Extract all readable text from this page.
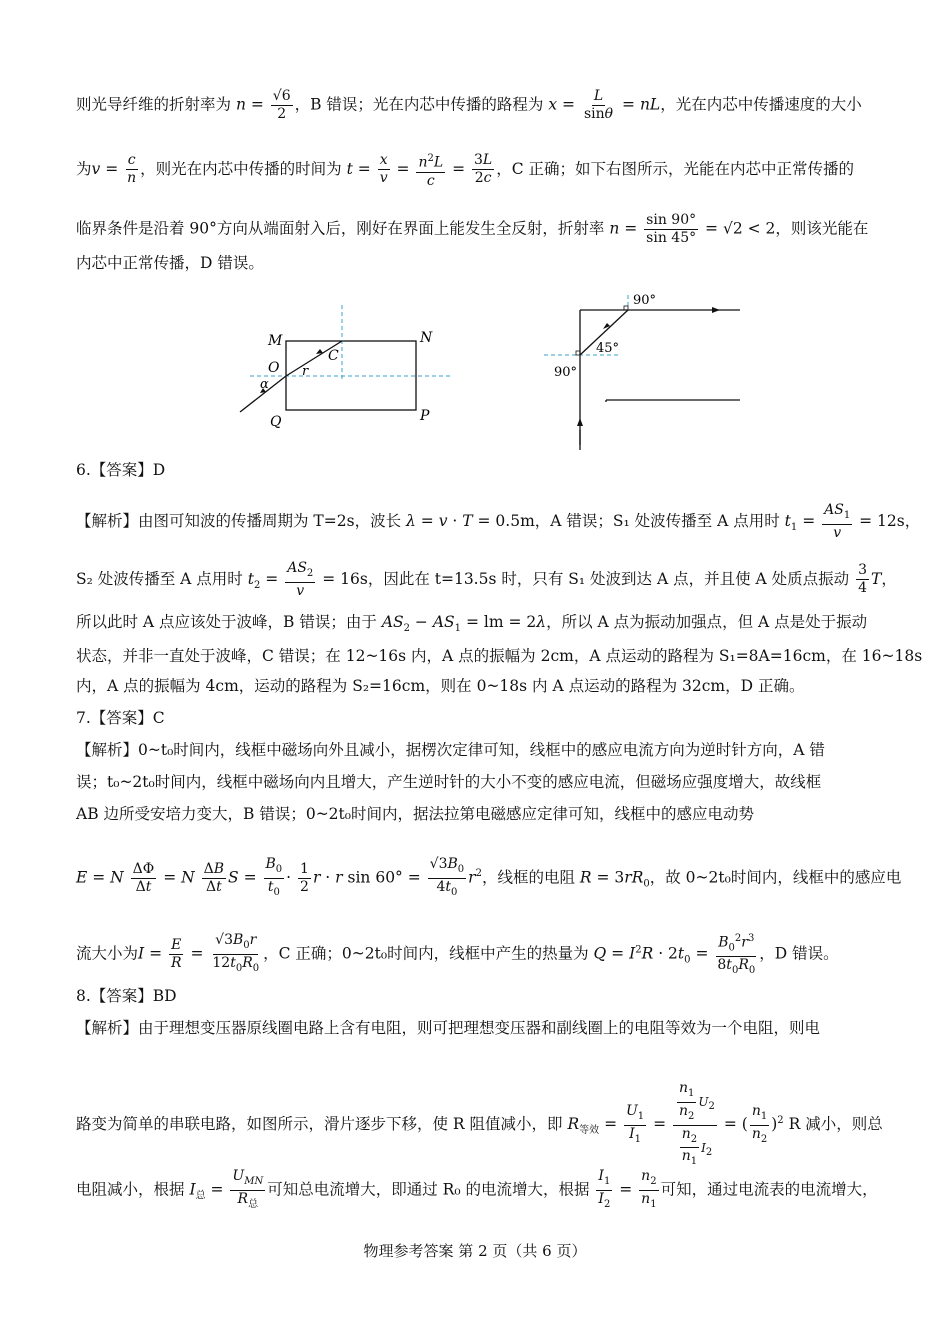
则光导纤维的折射率为 $n = \frac{√6}{2}$ ，B 错误；光在内芯中传播的路程为 $x = \frac{L}{\sin\theta}$ = nL，光在内芯中传播速度的大小
为$v = \frac{c}{n}$ ，则光在内芯中传播的时间为 $t = \frac{x}{v} = \frac{n^2L}{c} = \frac{3L}{2c}$ ，C 正确；如下右图所示，光能在内芯中正常传播的
临界条件是沿着 90°方向从端面射入后，刚好在界面上能发生全反射，折射率 $n = \frac{\sin 90^\circ}{\sin 45^\circ} = √2 < 2$，则该光能在
内芯中正常传播，D 错误。
M	N
Q	P
O
C
r
α
90°
45°
90°
6.【答案】D
【解析】由图可知波的传播周期为 T=2s，波长 λ = v · T = 0.5m，A 错误；S₁ 处波传播至 A 点用时 $t_1 = \frac{AS_1}{v} = 12s$，
S₂ 处波传播至 A 点用时 $t_2 = \frac{AS_2}{v} = 16s$，因此在 t=13.5s 时，只有 S₁ 处波到达 A 点，并且使 A 处质点振动 $\frac{3}{4}$ T，
所以此时 A 点应该处于波峰，B 错误；由于 $AS_2 - AS_1$ = lm = 2λ，所以 A 点为振动加强点，但 A 点是处于振动
状态，并非一直处于波峰，C 错误；在 12~16s 内，A 点的振幅为 2cm，A 点运动的路程为 S₁=8A=16cm，在 16~18s
内，A 点的振幅为 4cm，运动的路程为 S₂=16cm，则在 0~18s 内 A 点运动的路程为 32cm，D 正确。
7.【答案】C
【解析】0~t₀时间内，线框中磁场向外且减小，据楞次定律可知，线框中的感应电流方向为逆时针方向，A 错
误；t₀~2t₀时间内，线框中磁场向内且增大，产生逆时针的大小不变的感应电流，但磁场应强度增大，故线框
AB 边所受安培力变大，B 错误；0~2t₀时间内，据法拉第电磁感应定律可知，线框中的感应电动势
E = N $\frac{\Delta\Phi}{\Delta t} = N \frac{\Delta B}{\Delta t}$ $S = \frac{B_0}{t_0} \cdot \frac{1}{2}$ r · r $\sin 60^\circ = \frac{√3B_0}{4t_0} r^2$，线框的电阻 $R = 3rR_0$，故 0~2t₀时间内，线框中的感应电
流大小为$I = \frac{E}{R} = \frac{√3B_0r}{12t_0R_0}$ ，C 正确；0~2t₀时间内，线框中产生的热量为 $Q = I^2R \cdot 2t_0 = \frac{B_0^2r^3}{8t_0R_0}$ ，D 错误。
8.【答案】BD
【解析】由于理想变压器原线圈电路上含有电阻，则可把理想变压器和副线圈上的电阻等效为一个电阻，则电
路变为简单的串联电路，如图所示，滑片逐步下移，使 R 阻值减小，即 $R_{等效} = \frac{U_1}{I_1} = \frac{\frac{n_1}{n_2} U_2}{\frac{n_2}{n_1} I_2}$ = ( $\frac{n_1}{n_2} )^2$ R 减小，则总
电阻减小，根据 $I_总 = \frac{U_{MN}}{R_总}$ 可知总电流增大，即通过 R₀ 的电流增大，根据 $\frac{I_1}{I_2} = \frac{n_2}{n_1}$ 可知，通过电流表的电流增大，
物理参考答案 第 2 页（共 6 页）
